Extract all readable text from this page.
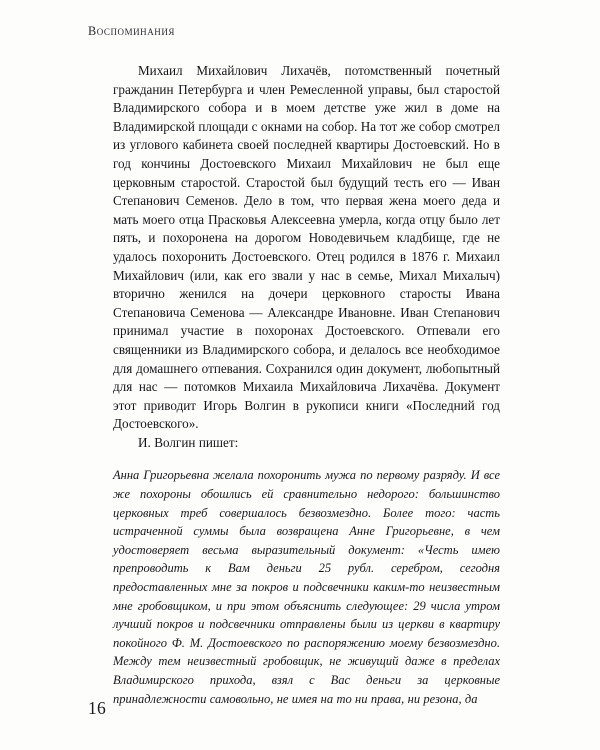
Воспоминания

Михаил Михайлович Лихачёв, потомственный почетный гражданин Петербурга и член Ремесленной управы, был старостой Владимирского собора и в моем детстве уже жил в доме на Владимирской площади с окнами на собор. На тот же собор смотрел из углового кабинета своей последней квартиры Достоевский. Но в год кончины Достоевского Михаил Михайлович не был еще церковным старостой. Старостой был будущий тесть его — Иван Степанович Семенов. Дело в том, что первая жена моего деда и мать моего отца Прасковья Алексеевна умерла, когда отцу было лет пять, и похоронена на дорогом Новодевичьем кладбище, где не удалось похоронить Достоевского. Отец родился в 1876 г. Михаил Михайлович (или, как его звали у нас в семье, Михал Михалыч) вторично женился на дочери церковного старосты Ивана Степановича Семенова — Александре Ивановне. Иван Степанович принимал участие в похоронах Достоевского. Отпевали его священники из Владимирского собора, и делалось все необходимое для домашнего отпевания. Сохранился один документ, любопытный для нас — потомков Михаила Михайловича Лихачёва. Документ этот приводит Игорь Волгин в рукописи книги «Последний год Достоевского».

И. Волгин пишет:

Анна Григорьевна желала похоронить мужа по первому разряду. И все же похороны обошлись ей сравнительно недорого: большинство церковных треб совершалось безвозмездно. Более того: часть истраченной суммы была возвращена Анне Григорьевне, в чем удостоверяет весьма выразительный документ: «Честь имею препроводить к Вам деньги 25 рубл. серебром, сегодня предоставленных мне за покров и подсвечники каким-то неизвестным мне гробовщиком, и при этом объяснить следующее: 29 числа утром лучший покров и подсвечники отправлены были из церкви в квартиру покойного Ф. М. Достоевского по распоряжению моему безвозмездно. Между тем неизвестный гробовщик, не живущий даже в пределах Владимирского прихода, взял с Вас деньги за церковные принадлежности самовольно, не имея на то ни права, ни резона, да

16
